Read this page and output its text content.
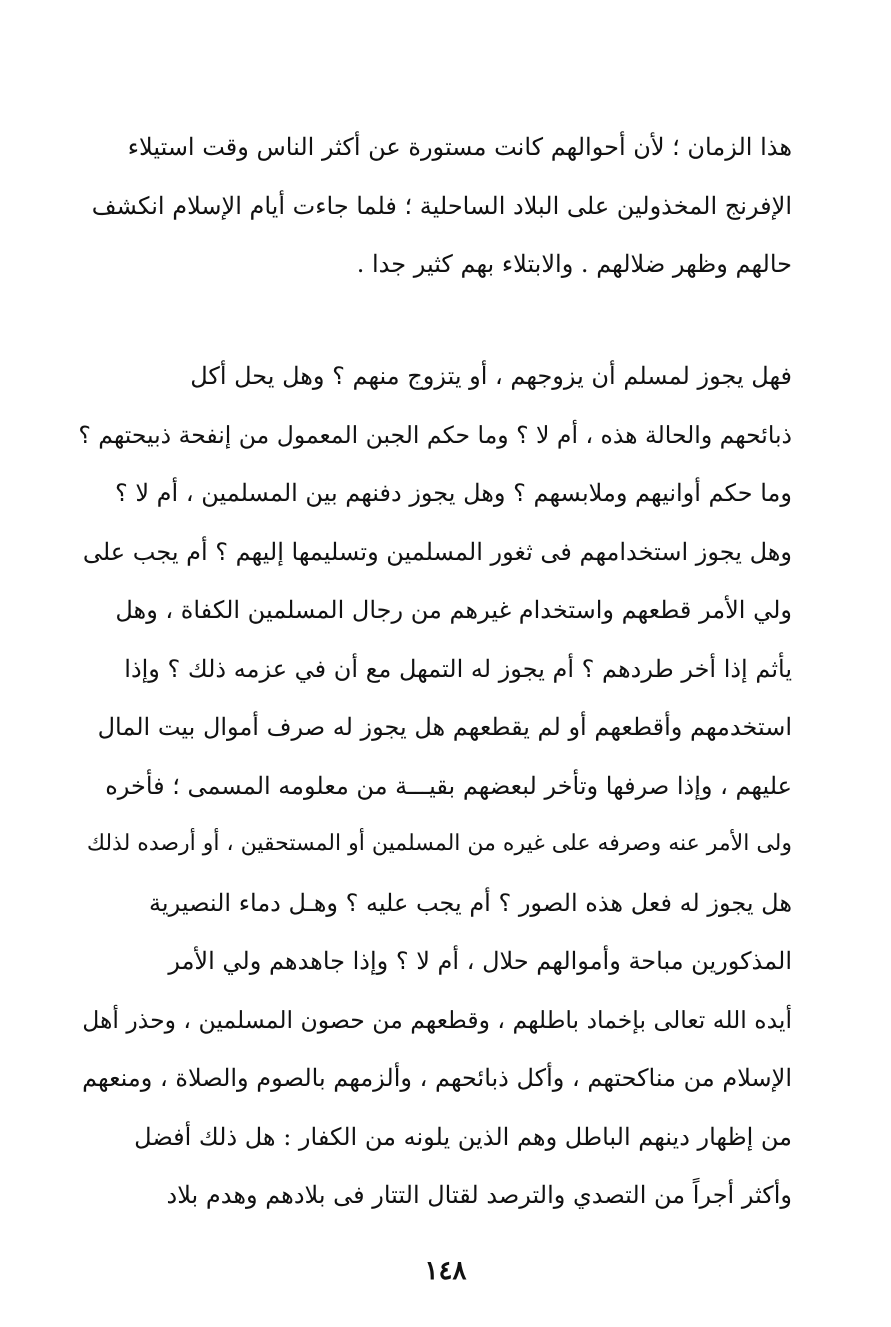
هذا الزمان ؛ لأن أحوالهم كانت مستورة عن أكثر الناس وقت استيلاء
الإفرنج المخذولين على البلاد الساحلية ؛ فلما جاءت أيام الإسلام انكشف
حالهم وظهر ضلالهم . والابتلاء بهم كثير جدا .
فهل يجوز لمسلم أن يزوجهم ، أو يتزوج منهم ؟ وهل يحل أكل
ذبائحهم والحالة هذه ، أم لا ؟ وما حكم الجبن المعمول من إنفحة ذبيحتهم ؟
وما حكم أوانيهم وملابسهم ؟ وهل يجوز دفنهم بين المسلمين ، أم لا ؟
وهل يجوز استخدامهم فى ثغور المسلمين وتسليمها إليهم ؟ أم يجب على
ولي الأمر قطعهم واستخدام غيرهم من رجال المسلمين الكفاة ، وهل
يأثم إذا أخر طردهم ؟ أم يجوز له التمهل مع أن في عزمه ذلك ؟ وإذا
استخدمهم وأقطعهم أو لم يقطعهم هل يجوز له صرف أموال بيت المال
عليهم ، وإذا صرفها وتأخر لبعضهم بقيـــة من معلومه المسمى ؛ فأخره
ولى الأمر عنه وصرفه على غيره من المسلمين أو المستحقين ، أو أرصده لذلك
هل يجوز له فعل هذه الصور ؟ أم يجب عليه ؟ وهـل دماء النصيرية
المذكورين مباحة وأموالهم حلال ، أم لا ؟ وإذا جاهدهم ولي الأمر
أيده الله تعالى بإخماد باطلهم ، وقطعهم من حصون المسلمين ، وحذر أهل
الإسلام من مناكحتهم ، وأكل ذبائحهم ، وألزمهم بالصوم والصلاة ، ومنعهم
من إظهار دينهم الباطل وهم الذين يلونه من الكفار : هل ذلك أفضل
وأكثر أجراً من التصدي والترصد لقتال التتار فى بلادهم وهدم بلاد
١٤٨
